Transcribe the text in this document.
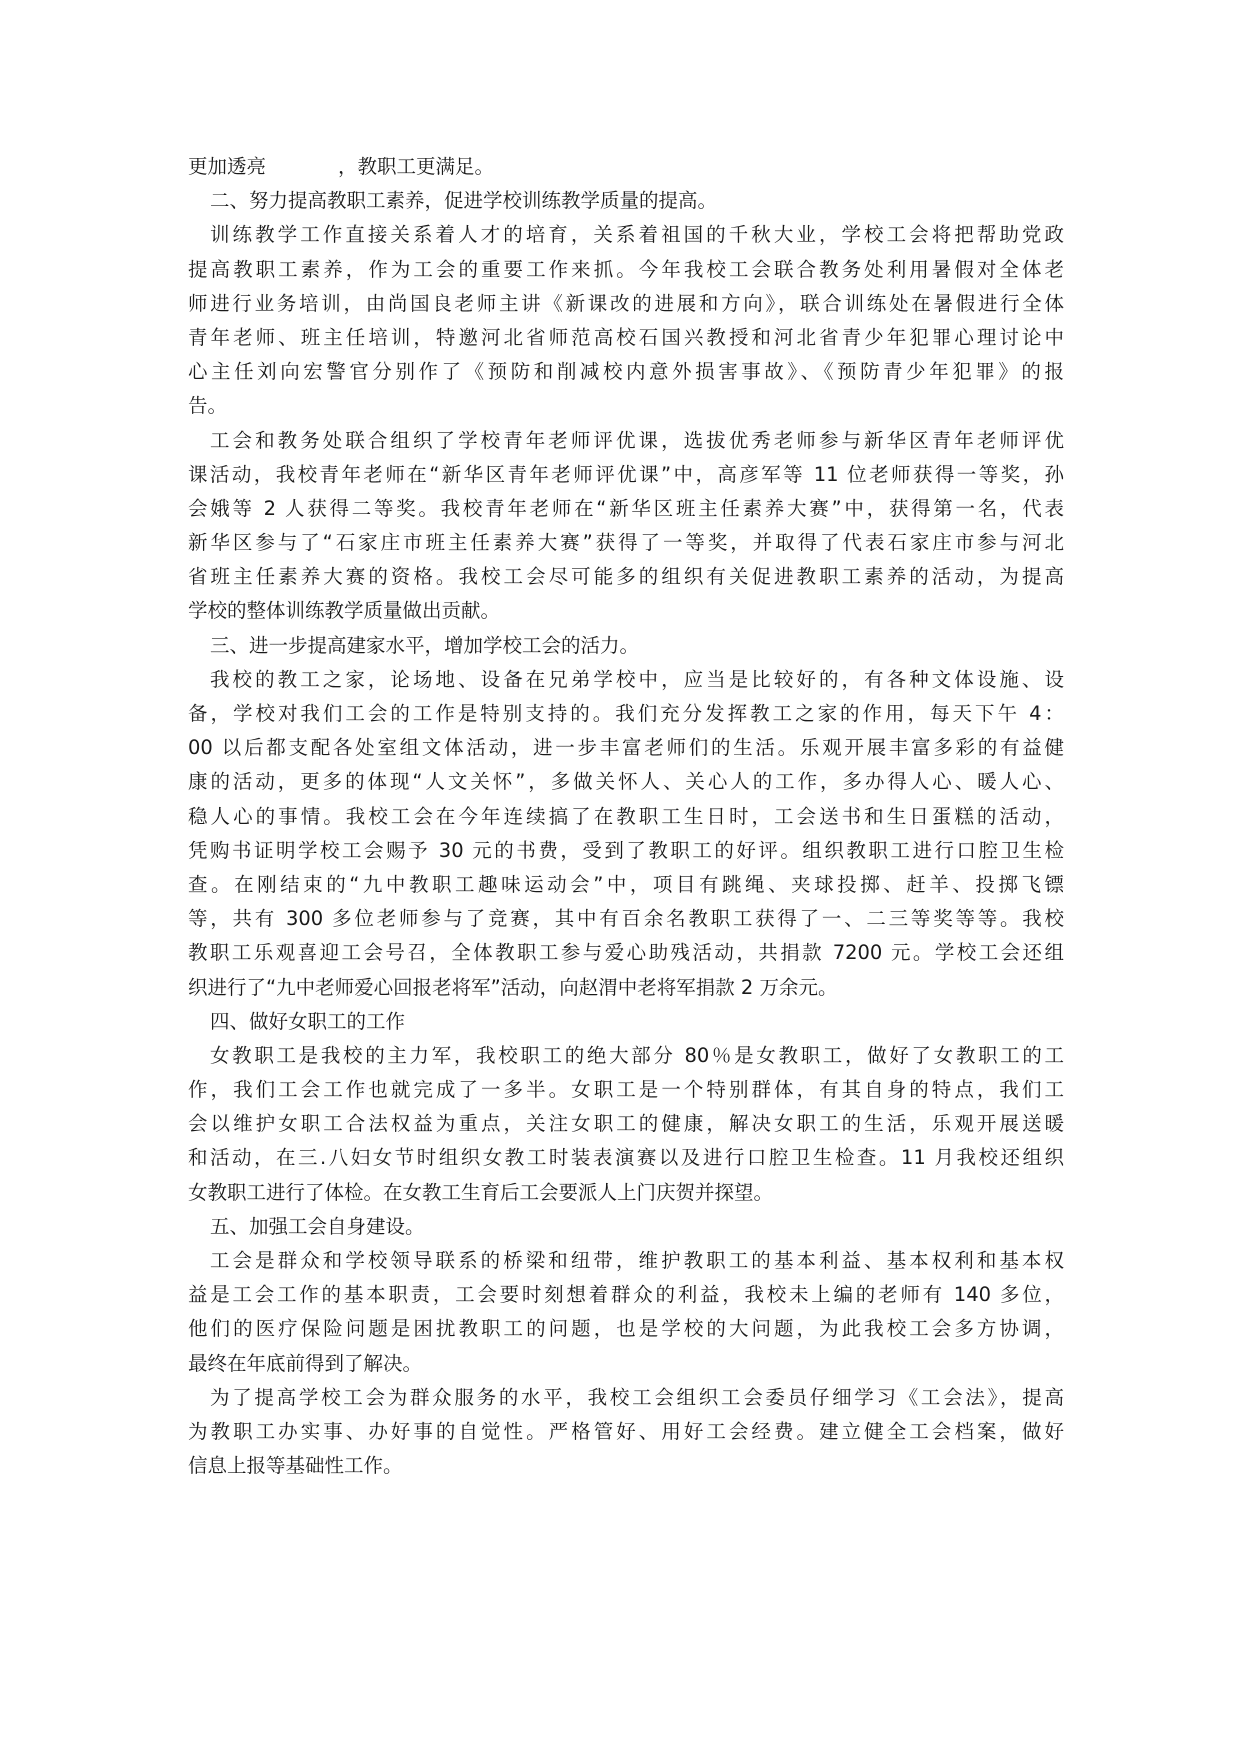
更加透亮	，教职工更满足。
二、努力提高教职工素养，促进学校训练教学质量的提高。
训练教学工作直接关系着人才的培育，关系着祖国的千秋大业，学校工会将把帮助党政
提高教职工素养，作为工会的重要工作来抓。今年我校工会联合教务处利用暑假对全体老
师进行业务培训，由尚国良老师主讲《新课改的进展和方向》，联合训练处在暑假进行全体
青年老师、班主任培训，特邀河北省师范高校石国兴教授和河北省青少年犯罪心理讨论中
心主任刘向宏警官分别作了《预防和削减校内意外损害事故》、《预防青少年犯罪》的报
告。
工会和教务处联合组织了学校青年老师评优课，选拔优秀老师参与新华区青年老师评优
课活动，我校青年老师在“新华区青年老师评优课”中，高彦军等 11 位老师获得一等奖，孙
会娥等 2 人获得二等奖。我校青年老师在“新华区班主任素养大赛”中，获得第一名，代表
新华区参与了“石家庄市班主任素养大赛”获得了一等奖，并取得了代表石家庄市参与河北
省班主任素养大赛的资格。我校工会尽可能多的组织有关促进教职工素养的活动，为提高
学校的整体训练教学质量做出贡献。
三、进一步提高建家水平，增加学校工会的活力。
我校的教工之家，论场地、设备在兄弟学校中，应当是比较好的，有各种文体设施、设
备，学校对我们工会的工作是特别支持的。我们充分发挥教工之家的作用，每天下午 4：
00 以后都支配各处室组文体活动，进一步丰富老师们的生活。乐观开展丰富多彩的有益健
康的活动，更多的体现“人文关怀”，多做关怀人、关心人的工作，多办得人心、暖人心、
稳人心的事情。我校工会在今年连续搞了在教职工生日时，工会送书和生日蛋糕的活动，
凭购书证明学校工会赐予 30 元的书费，受到了教职工的好评。组织教职工进行口腔卫生检
查。在刚结束的“九中教职工趣味运动会”中，项目有跳绳、夹球投掷、赶羊、投掷飞镖
等，共有 300 多位老师参与了竞赛，其中有百余名教职工获得了一、二三等奖等等。我校
教职工乐观喜迎工会号召，全体教职工参与爱心助残活动，共捐款 7200 元。学校工会还组
织进行了“九中老师爱心回报老将军”活动，向赵渭中老将军捐款 2 万余元。
四、做好女职工的工作
女教职工是我校的主力军，我校职工的绝大部分 80％是女教职工，做好了女教职工的工
作，我们工会工作也就完成了一多半。女职工是一个特别群体，有其自身的特点，我们工
会以维护女职工合法权益为重点，关注女职工的健康，解决女职工的生活，乐观开展送暖
和活动，在三.八妇女节时组织女教工时装表演赛以及进行口腔卫生检查。11 月我校还组织
女教职工进行了体检。在女教工生育后工会要派人上门庆贺并探望。
五、加强工会自身建设。
工会是群众和学校领导联系的桥梁和纽带，维护教职工的基本利益、基本权利和基本权
益是工会工作的基本职责，工会要时刻想着群众的利益，我校未上编的老师有 140 多位，
他们的医疗保险问题是困扰教职工的问题，也是学校的大问题，为此我校工会多方协调，
最终在年底前得到了解决。
为了提高学校工会为群众服务的水平，我校工会组织工会委员仔细学习《工会法》，提高
为教职工办实事、办好事的自觉性。严格管好、用好工会经费。建立健全工会档案，做好
信息上报等基础性工作。
